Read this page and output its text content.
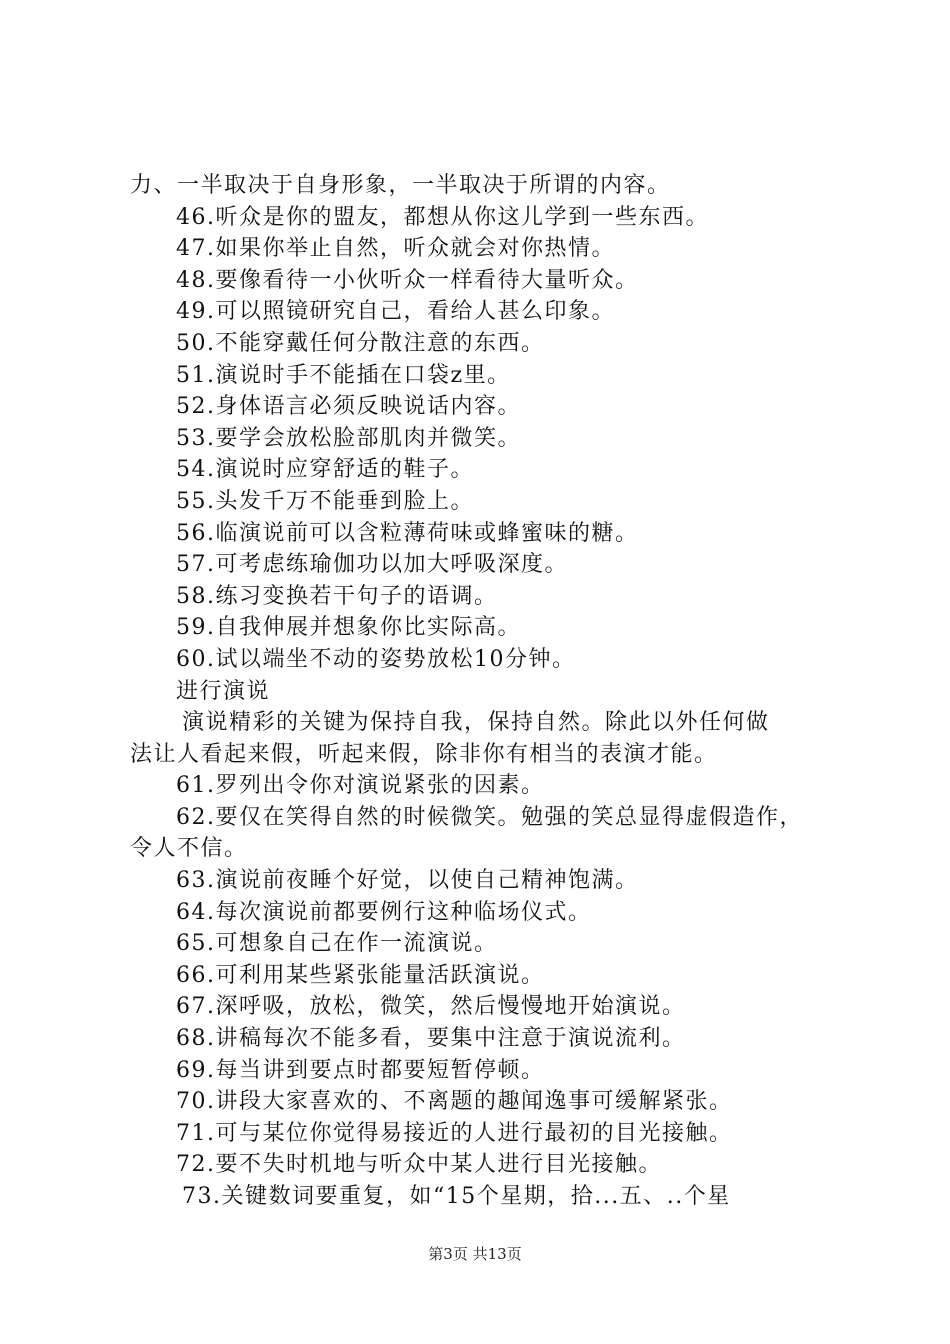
力、一半取决于自身形象，一半取决于所谓的内容。
46.听众是你的盟友，都想从你这儿学到一些东西。
47.如果你举止自然，听众就会对你热情。
48.要像看待一小伙听众一样看待大量听众。
49.可以照镜研究自己，看给人甚么印象。
50.不能穿戴任何分散注意的东西。
51.演说时手不能插在口袋z里。
52.身体语言必须反映说话内容。
53.要学会放松脸部肌肉并微笑。
54.演说时应穿舒适的鞋子。
55.头发千万不能垂到脸上。
56.临演说前可以含粒薄荷味或蜂蜜味的糖。
57.可考虑练瑜伽功以加大呼吸深度。
58.练习变换若干句子的语调。
59.自我伸展并想象你比实际高。
60.试以端坐不动的姿势放松10分钟。
进行演说
演说精彩的关键为保持自我，保持自然。除此以外任何做
法让人看起来假，听起来假，除非你有相当的表演才能。
61.罗列出令你对演说紧张的因素。
62.要仅在笑得自然的时候微笑。勉强的笑总显得虚假造作，
令人不信。
63.演说前夜睡个好觉，以使自己精神饱满。
64.每次演说前都要例行这种临场仪式。
65.可想象自己在作一流演说。
66.可利用某些紧张能量活跃演说。
67.深呼吸，放松，微笑，然后慢慢地开始演说。
68.讲稿每次不能多看，要集中注意于演说流利。
69.每当讲到要点时都要短暂停顿。
70.讲段大家喜欢的、不离题的趣闻逸事可缓解紧张。
71.可与某位你觉得易接近的人进行最初的目光接触。
72.要不失时机地与听众中某人进行目光接触。
73.关键数词要重复，如“15个星期，拾...五、..个星
第3页 共13页
